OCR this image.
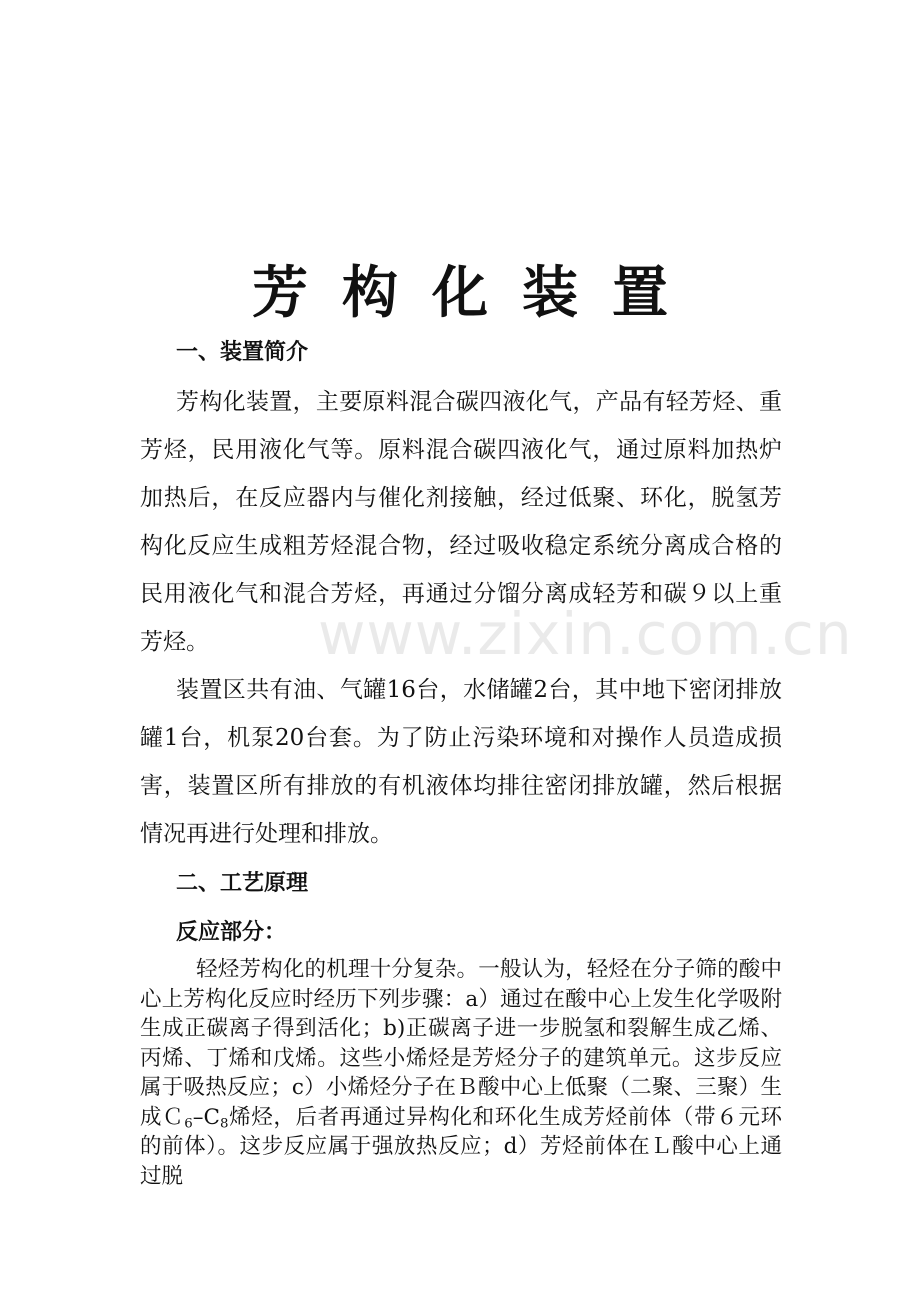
芳构化装置
一、装置简介

芳构化装置，主要原料混合碳四液化气，产品有轻芳烃、重芳烃，民用液化气等。原料混合碳四液化气，通过原料加热炉加热后，在反应器内与催化剂接触，经过低聚、环化，脱氢芳构化反应生成粗芳烃混合物，经过吸收稳定系统分离成合格的民用液化气和混合芳烃，再通过分馏分离成轻芳和碳９以上重芳烃。

装置区共有油、气罐16台，水储罐2台，其中地下密闭排放罐1台，机泵20台套。为了防止污染环境和对操作人员造成损害，装置区所有排放的有机液体均排往密闭排放罐，然后根据情况再进行处理和排放。

二、工艺原理
反应部分：

轻烃芳构化的机理十分复杂。一般认为，轻烃在分子筛的酸中心上芳构化反应时经历下列步骤：a）通过在酸中心上发生化学吸附生成正碳离子得到活化；b)正碳离子进一步脱氢和裂解生成乙烯、丙烯、丁烯和戊烯。这些小烯烃是芳烃分子的建筑单元。这步反应属于吸热反应；c）小烯烃分子在Ｂ酸中心上低聚（二聚、三聚）生成$C_6-C_8$烯烃，后者再通过异构化和环化生成芳烃前体（带６元环的前体）。这步反应属于强放热反应；d）芳烃前体在Ｌ酸中心上通过脱

www.zixin.com.cn
